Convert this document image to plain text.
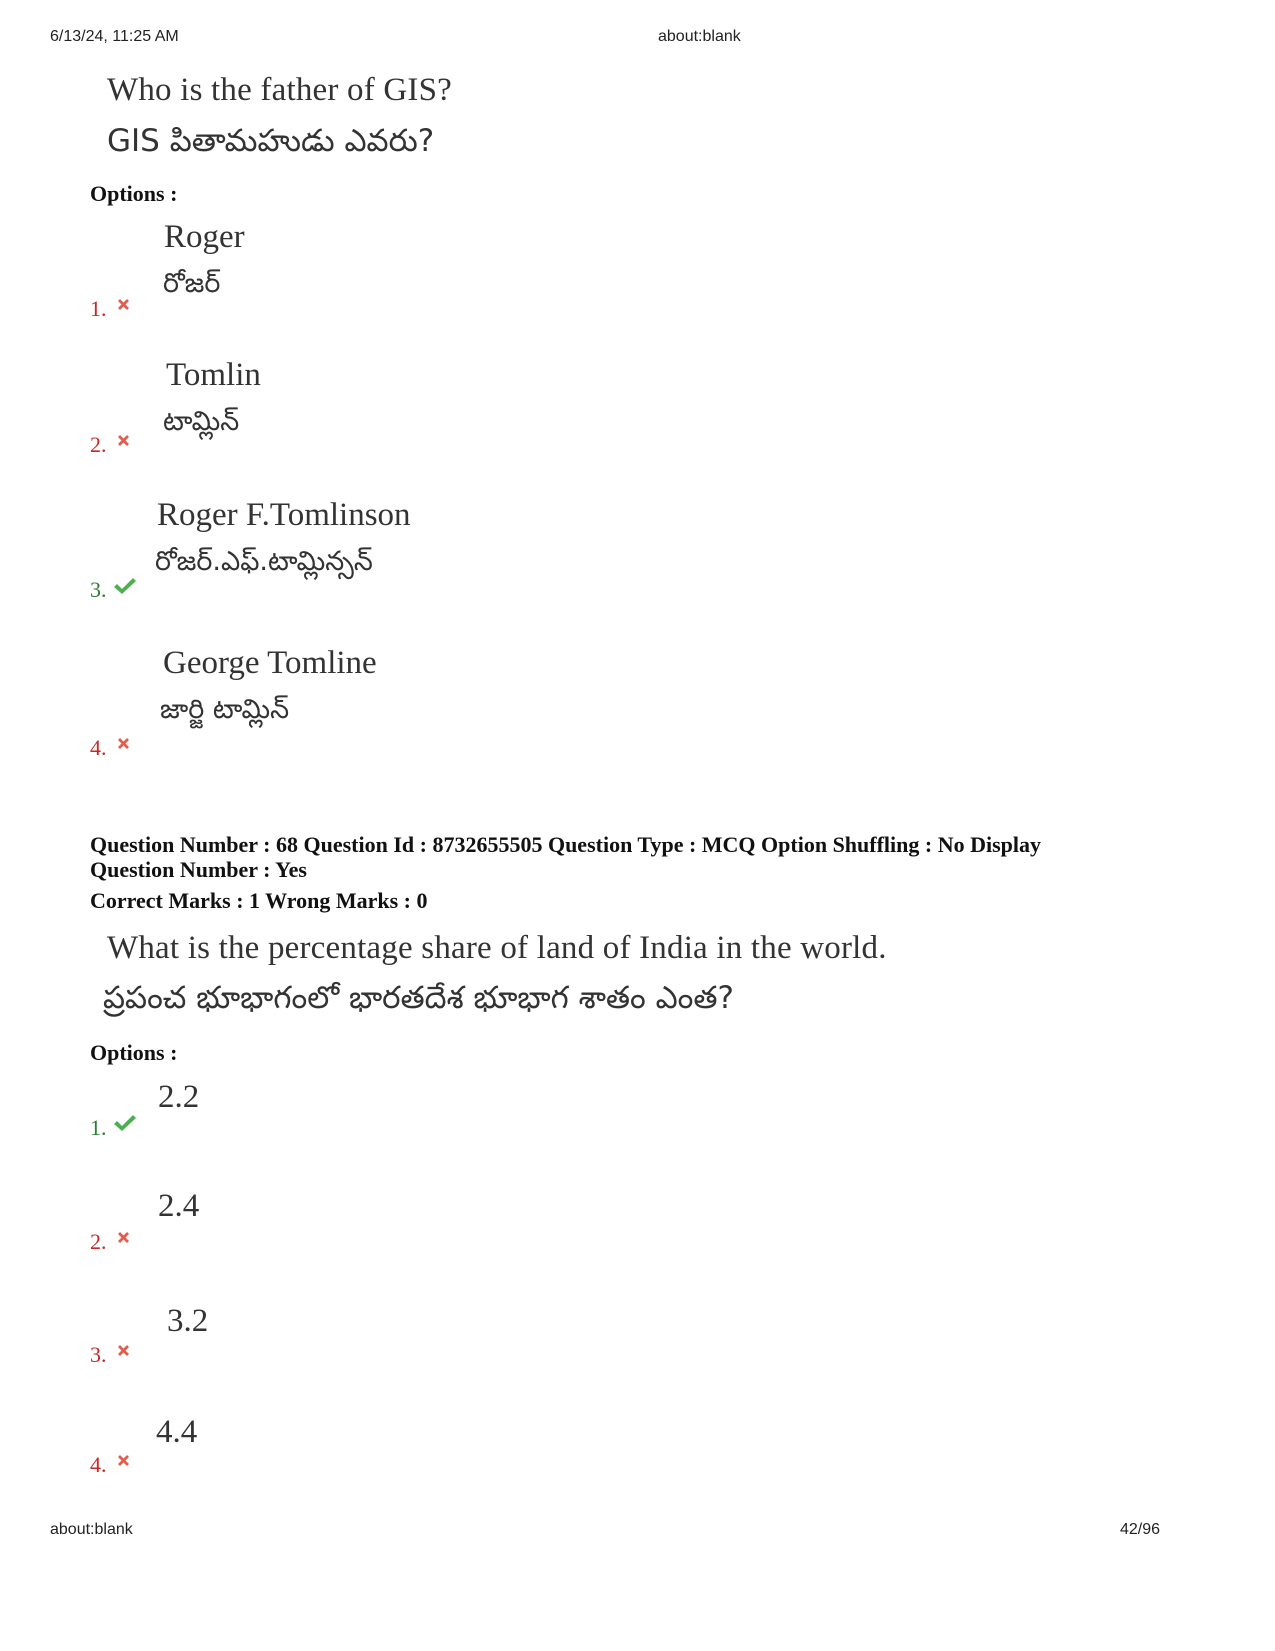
6/13/24, 11:25 AM	about:blank
Who is the father of GIS?
GIS పితామహుడు ఎవరు?
Options :
Roger
రోజర్
1.
Tomlin
టామ్లిన్
2.
Roger F.Tomlinson
రోజర్.ఎఫ్.టామ్లిన్సన్
3.
George Tomline
జార్జి టామ్లిన్
4.
Question Number : 68 Question Id : 8732655505 Question Type : MCQ Option Shuffling : No Display
Question Number : Yes
Correct Marks : 1 Wrong Marks : 0
What is the percentage share of land of India in the world.
ప్రపంచ భూభాగంలో భారతదేశ భూభాగ శాతం ఎంత?
Options :
2.2
1.
2.4
2.
3.2
3.
4.4
4.
about:blank	42/96
